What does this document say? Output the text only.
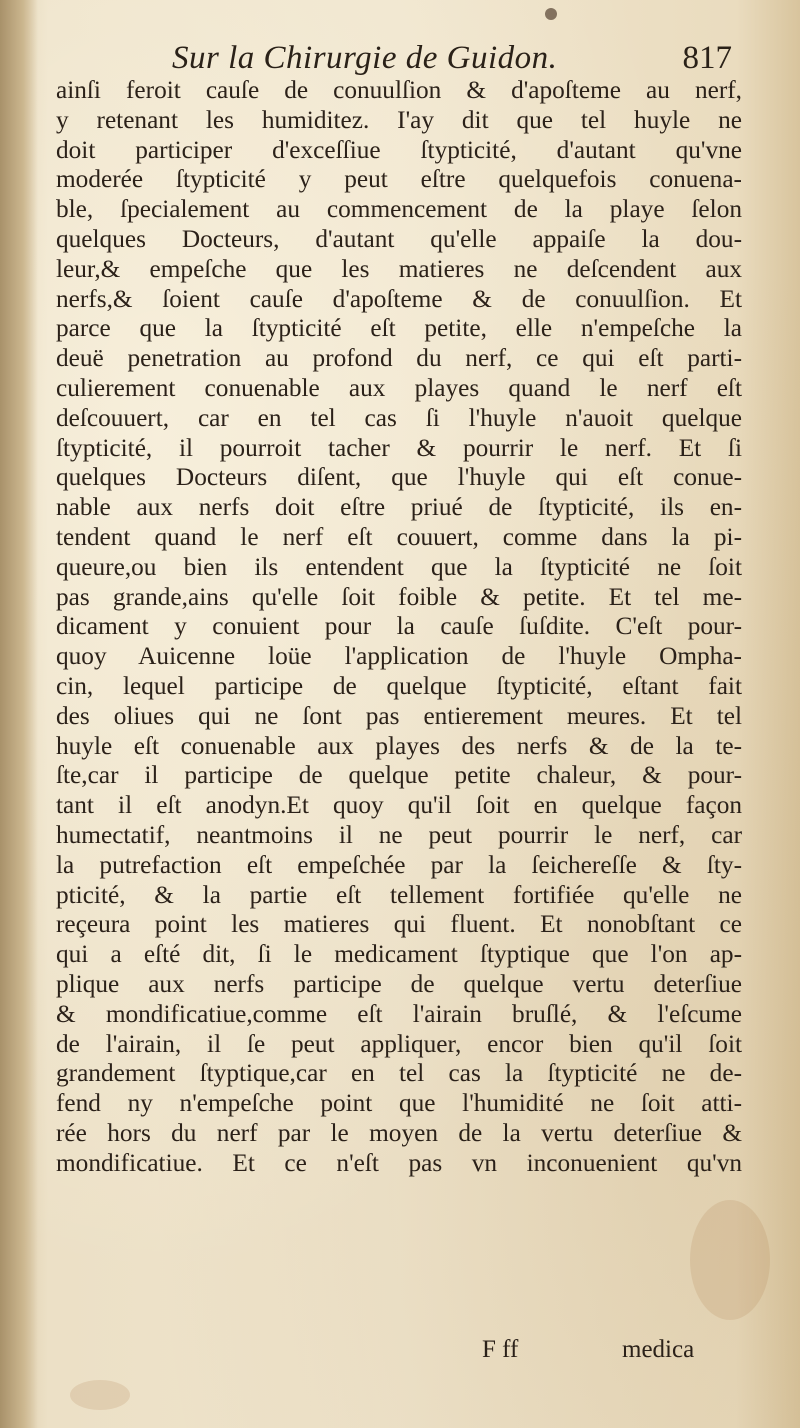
Sur la Chirurgie de Guidon.	817
ainſi feroit cauſe de conuulſion & d'apoſteme au nerf,
y retenant les humiditez. I'ay dit que tel huyle ne
doit participer d'exceſſiue ſtypticité, d'autant qu'vne
moderée ſtypticité y peut eſtre quelquefois conuena-
ble, ſpecialement au commencement de la playe ſelon
quelques Docteurs, d'autant qu'elle appaiſe la dou-
leur,& empeſche que les matieres ne deſcendent aux
nerfs,& ſoient cauſe d'apoſteme & de conuulſion. Et
parce que la ſtypticité eſt petite, elle n'empeſche la
deuë penetration au profond du nerf, ce qui eſt parti-
culierement conuenable aux playes quand le nerf eſt
deſcouuert, car en tel cas ſi l'huyle n'auoit quelque
ſtypticité, il pourroit tacher & pourrir le nerf. Et ſi
quelques Docteurs diſent, que l'huyle qui eſt conue-
nable aux nerfs doit eſtre priué de ſtypticité, ils en-
tendent quand le nerf eſt couuert, comme dans la pi-
queure,ou bien ils entendent que la ſtypticité ne ſoit
pas grande,ains qu'elle ſoit foible & petite. Et tel me-
dicament y conuient pour la cauſe ſuſdite. C'eſt pour-
quoy Auicenne loüe l'application de l'huyle Ompha-
cin, lequel participe de quelque ſtypticité, eſtant fait
des oliues qui ne ſont pas entierement meures. Et tel
huyle eſt conuenable aux playes des nerfs & de la te-
ſte,car il participe de quelque petite chaleur, & pour-
tant il eſt anodyn.Et quoy qu'il ſoit en quelque façon
humectatif, neantmoins il ne peut pourrir le nerf, car
la putrefaction eſt empeſchée par la ſeichereſſe & ſty-
pticité, & la partie eſt tellement fortifiée qu'elle ne
reçeura point les matieres qui fluent. Et nonobſtant ce
qui a eſté dit, ſi le medicament ſtyptique que l'on ap-
plique aux nerfs participe de quelque vertu deterſiue
& mondificatiue,comme eſt l'airain bruſlé, & l'eſcume
de l'airain, il ſe peut appliquer, encor bien qu'il ſoit
grandement ſtyptique,car en tel cas la ſtypticité ne de-
fend ny n'empeſche point que l'humidité ne ſoit atti-
rée hors du nerf par le moyen de la vertu deterſiue &
mondificatiue. Et ce n'eſt pas vn inconuenient qu'vn
F ff	medica
